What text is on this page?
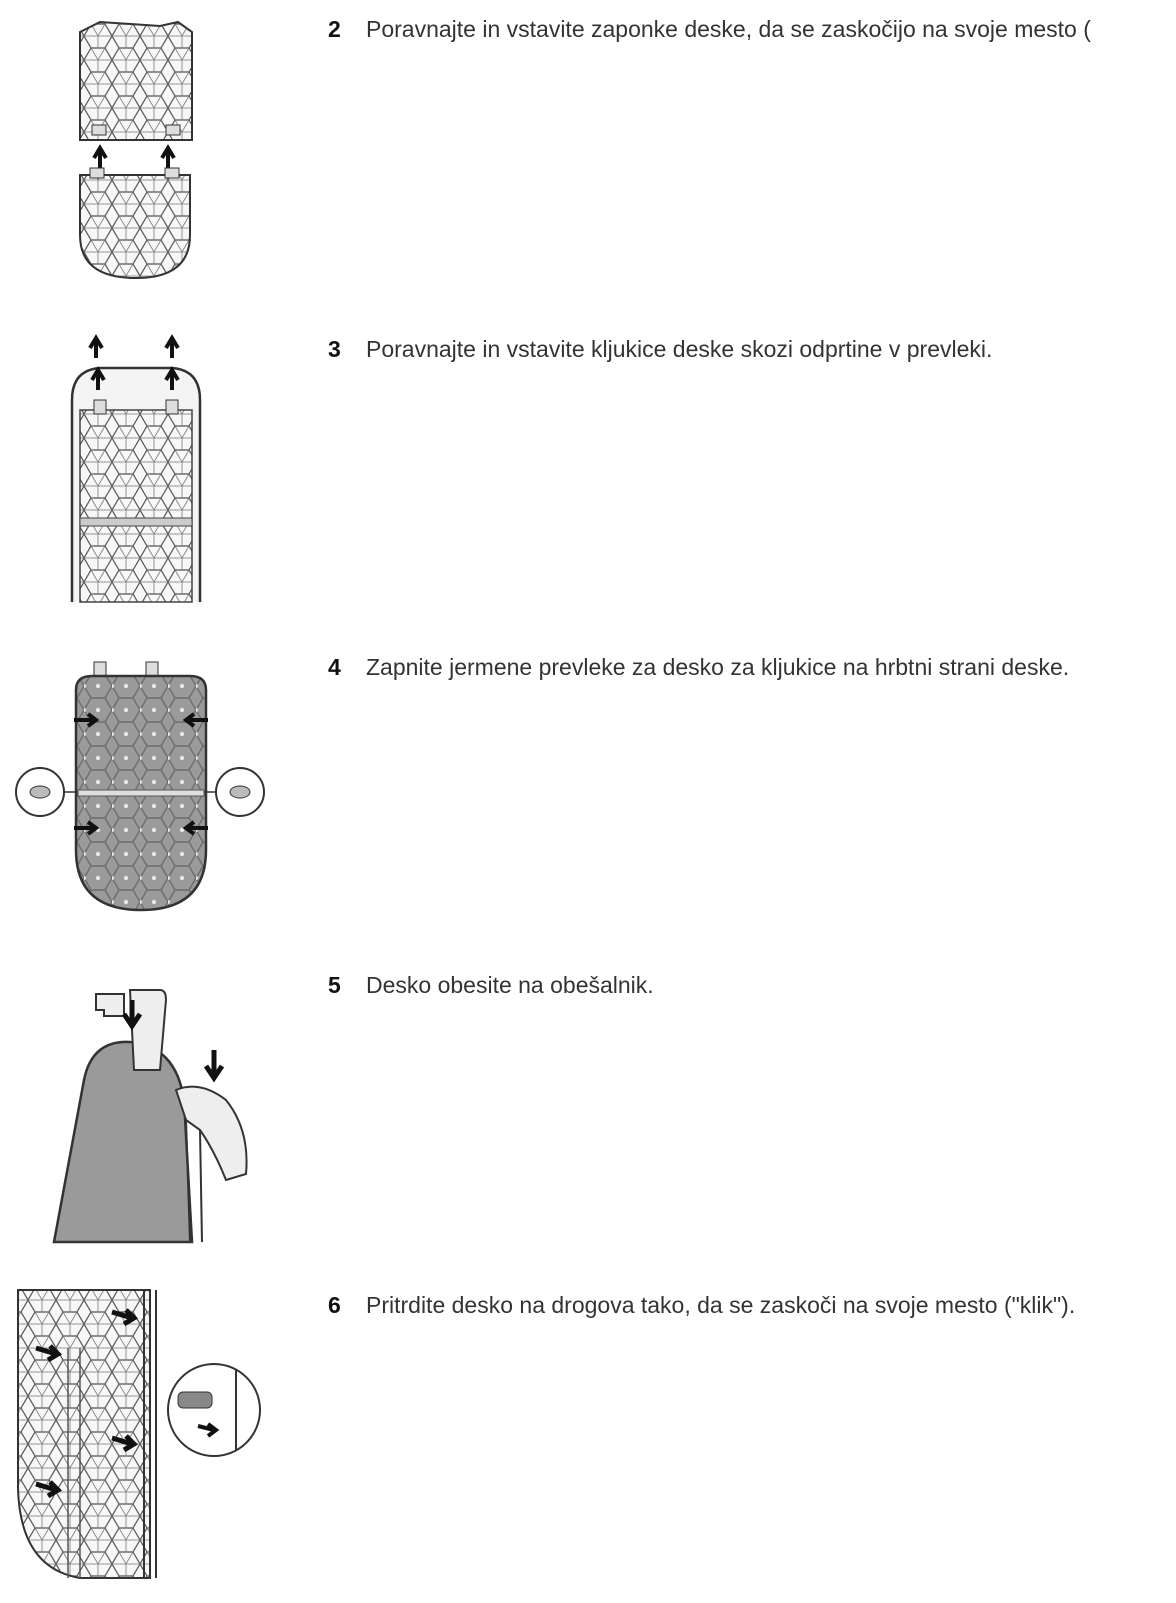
2 Poravnajte in vstavite zaponke deske, da se zaskočijo na svoje mesto (
3 Poravnajte in vstavite kljukice deske skozi odprtine v prevleki.
4 Zapnite jermene prevleke za desko za kljukice na hrbtni strani deske.
5 Desko obesite na obešalnik.
6 Pritrdite desko na drogova tako, da se zaskoči na svoje mesto ("klik").
